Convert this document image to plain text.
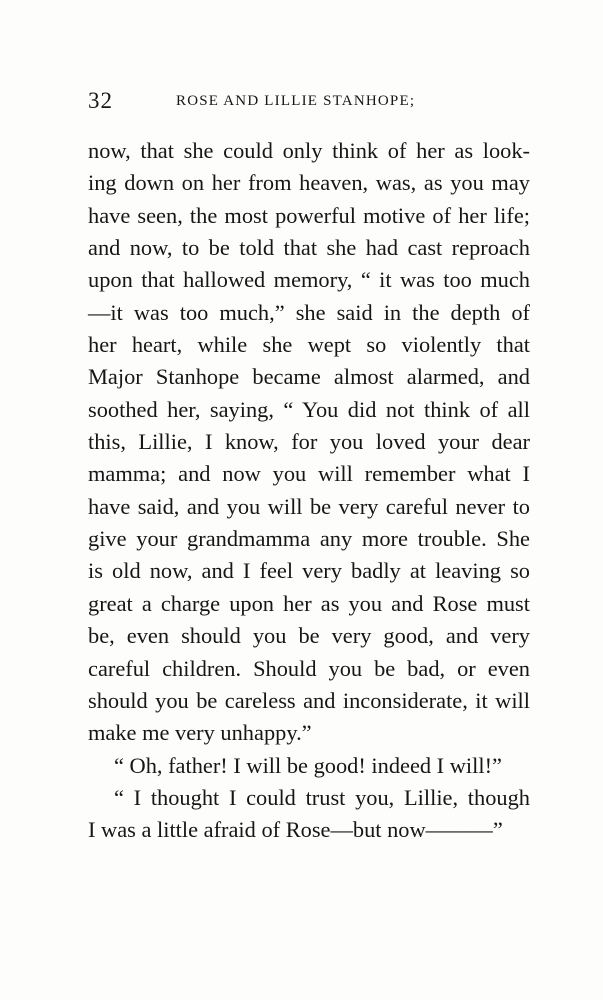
32	ROSE AND LILLIE STANHOPE;
now, that she could only think of her as look-
ing down on her from heaven, was, as you may
have seen, the most powerful motive of her life;
and now, to be told that she had cast reproach
upon that hallowed memory, “ it was too much
—it was too much,” she said in the depth of
her heart, while she wept so violently that
Major Stanhope became almost alarmed, and
soothed her, saying, “ You did not think of all
this, Lillie, I know, for you loved your dear
mamma; and now you will remember what I
have said, and you will be very careful never to
give your grandmamma any more trouble. She
is old now, and I feel very badly at leaving so
great a charge upon her as you and Rose must
be, even should you be very good, and very
careful children. Should you be bad, or even
should you be careless and inconsiderate, it will
make me very unhappy.”
“ Oh, father! I will be good! indeed I will!”
“ I thought I could trust you, Lillie, though
I was a little afraid of Rose—but now———”
